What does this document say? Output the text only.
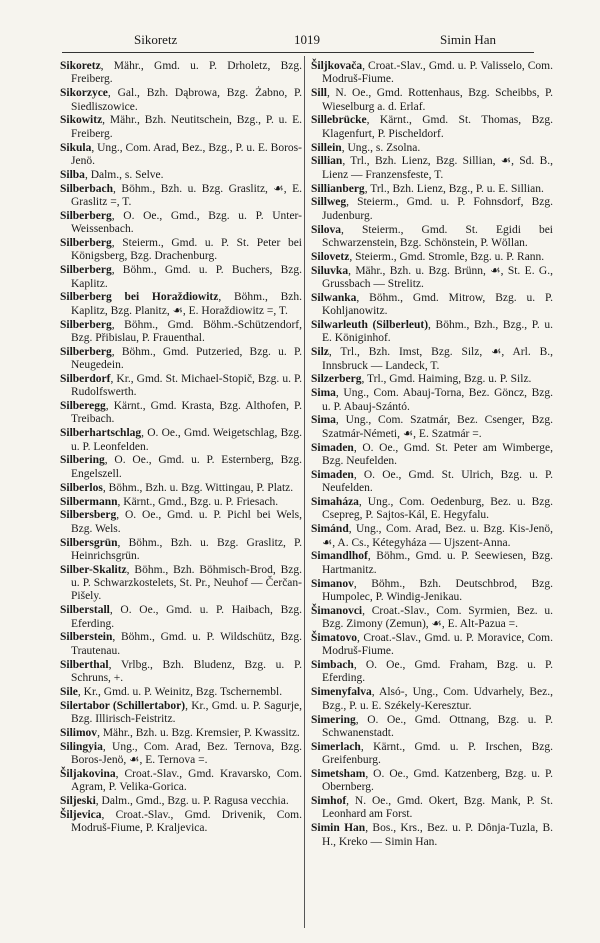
Sikoretz	1019	Simin Han
Sikoretz, Mähr., Gmd. u. P. Drholetz, Bzg. Freiberg.
Sikorzyce, Gal., Bzh. Dąbrowa, Bzg. Żabno, P. Siedliszowice.
Sikowitz, Mähr., Bzh. Neutitschein, Bzg., P. u. E. Freiberg.
Sikula, Ung., Com. Arad, Bez., Bzg., P. u. E. Boros-Jenö.
Silba, Dalm., s. Selve.
Silberbach, Böhm., Bzh. u. Bzg. Graslitz, ☙, E. Graslitz =, T.
Silberberg, O. Oe., Gmd., Bzg. u. P. Unter-Weissenbach.
Silberberg, Steierm., Gmd. u. P. St. Peter bei Königsberg, Bzg. Drachenburg.
Silberberg, Böhm., Gmd. u. P. Buchers, Bzg. Kaplitz.
Silberberg bei Horaždiowitz, Böhm., Bzh. Kaplitz, Bzg. Planitz, ☙, E. Horaždiowitz =, T.
Silberberg, Böhm., Gmd. Böhm.-Schützendorf, Bzg. Přibislau, P. Frauenthal.
Silberberg, Böhm., Gmd. Putzeried, Bzg. u. P. Neugedein.
Silberdorf, Kr., Gmd. St. Michael-Stopič, Bzg. u. P. Rudolfswerth.
Silberegg, Kärnt., Gmd. Krasta, Bzg. Althofen, P. Treibach.
Silberhartschlag, O. Oe., Gmd. Weigetschlag, Bzg. u. P. Leonfelden.
Silbering, O. Oe., Gmd. u. P. Esternberg, Bzg. Engelszell.
Silberlos, Böhm., Bzh. u. Bzg. Wittingau, P. Platz.
Silbermann, Kärnt., Gmd., Bzg. u. P. Friesach.
Silbersberg, O. Oe., Gmd. u. P. Pichl bei Wels, Bzg. Wels.
Silbersgrün, Böhm., Bzh. u. Bzg. Graslitz, P. Heinrichsgrün.
Silber-Skalitz, Böhm., Bzh. Böhmisch-Brod, Bzg. u. P. Schwarzkostelets, St. Pr., Neuhof — Čerčan-Pišely.
Silberstall, O. Oe., Gmd. u. P. Haibach, Bzg. Eferding.
Silberstein, Böhm., Gmd. u. P. Wildschütz, Bzg. Trautenau.
Silberthal, Vrlbg., Bzh. Bludenz, Bzg. u. P. Schruns, +.
Sile, Kr., Gmd. u. P. Weinitz, Bzg. Tschernembl.
Silertabor (Schillertabor), Kr., Gmd. u. P. Sagurje, Bzg. Illirisch-Feistritz.
Silimov, Mähr., Bzh. u. Bzg. Kremsier, P. Kwassitz.
Silingyia, Ung., Com. Arad, Bez. Ternova, Bzg. Boros-Jenö, ☙, E. Ternova =.
Šiljakovina, Croat.-Slav., Gmd. Kravarsko, Com. Agram, P. Velika-Gorica.
Siljeski, Dalm., Gmd., Bzg. u. P. Ragusa vecchia.
Šiljevica, Croat.-Slav., Gmd. Drivenik, Com. Modruš-Fiume, P. Kraljevica.
Šiljkovača, Croat.-Slav., Gmd. u. P. Valisselo, Com. Modruš-Fiume.
Sill, N. Oe., Gmd. Rottenhaus, Bzg. Scheibbs, P. Wieselburg a. d. Erlaf.
Sillebrücke, Kärnt., Gmd. St. Thomas, Bzg. Klagenfurt, P. Pischeldorf.
Sillein, Ung., s. Zsolna.
Sillian, Trl., Bzh. Lienz, Bzg. Sillian, ☙, Sd. B., Lienz — Franzensfeste, T.
Sillianberg, Trl., Bzh. Lienz, Bzg., P. u. E. Sillian.
Sillweg, Steierm., Gmd. u. P. Fohnsdorf, Bzg. Judenburg.
Silova, Steierm., Gmd. St. Egidi bei Schwarzenstein, Bzg. Schönstein, P. Wöllan.
Silovetz, Steierm., Gmd. Stromle, Bzg. u. P. Rann.
Siluvka, Mähr., Bzh. u. Bzg. Brünn, ☙, St. E. G., Grussbach — Strelitz.
Silwanka, Böhm., Gmd. Mitrow, Bzg. u. P. Kohljanowitz.
Silwarleuth (Silberleut), Böhm., Bzh., Bzg., P. u. E. Königinhof.
Silz, Trl., Bzh. Imst, Bzg. Silz, ☙, Arl. B., Innsbruck — Landeck, T.
Silzerberg, Trl., Gmd. Haiming, Bzg. u. P. Silz.
Sima, Ung., Com. Abauj-Torna, Bez. Göncz, Bzg. u. P. Abauj-Szántó.
Sima, Ung., Com. Szatmár, Bez. Csenger, Bzg. Szatmár-Németi, ☙, E. Szatmár =.
Simaden, O. Oe., Gmd. St. Peter am Wimberge, Bzg. Neufelden.
Simaden, O. Oe., Gmd. St. Ulrich, Bzg. u. P. Neufelden.
Simaháza, Ung., Com. Oedenburg, Bez. u. Bzg. Csepreg, P. Sajtos-Kál, E. Hegyfalu.
Simánd, Ung., Com. Arad, Bez. u. Bzg. Kis-Jenö, ☙, A. Cs., Kétegyháza — Ujszent-Anna.
Simandlhof, Böhm., Gmd. u. P. Seewiesen, Bzg. Hartmanitz.
Simanov, Böhm., Bzh. Deutschbrod, Bzg. Humpolec, P. Windig-Jenikau.
Šimanovci, Croat.-Slav., Com. Syrmien, Bez. u. Bzg. Zimony (Zemun), ☙, E. Alt-Pazua =.
Šimatovo, Croat.-Slav., Gmd. u. P. Moravice, Com. Modruš-Fiume.
Simbach, O. Oe., Gmd. Fraham, Bzg. u. P. Eferding.
Simenyfalva, Alsó-, Ung., Com. Udvarhely, Bez., Bzg., P. u. E. Székely-Keresztur.
Simering, O. Oe., Gmd. Ottnang, Bzg. u. P. Schwanenstadt.
Simerlach, Kärnt., Gmd. u. P. Irschen, Bzg. Greifenburg.
Simetsham, O. Oe., Gmd. Katzenberg, Bzg. u. P. Obernberg.
Simhof, N. Oe., Gmd. Okert, Bzg. Mank, P. St. Leonhard am Forst.
Simin Han, Bos., Krs., Bez. u. P. Dônja-Tuzla, B. H., Kreko — Simin Han.
